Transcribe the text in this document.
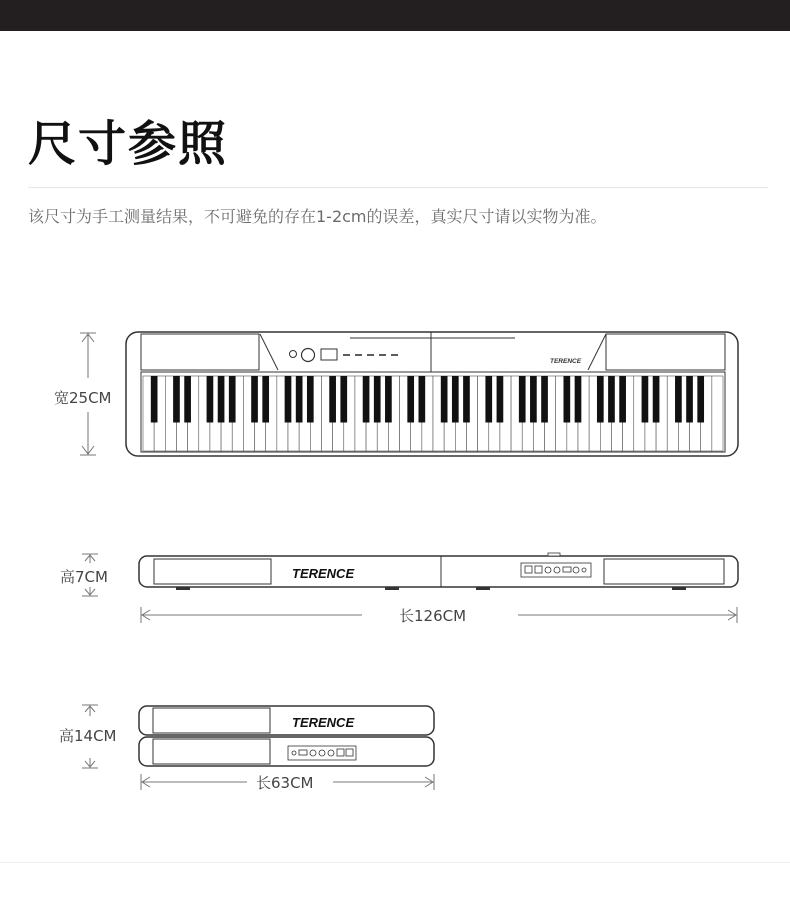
尺寸参照
该尺寸为手工测量结果，不可避免的存在1-2cm的误差，真实尺寸请以实物为准。
TERENCE
TERENCE
TERENCE
宽25CM
高7CM
长126CM
高14CM
长63CM
